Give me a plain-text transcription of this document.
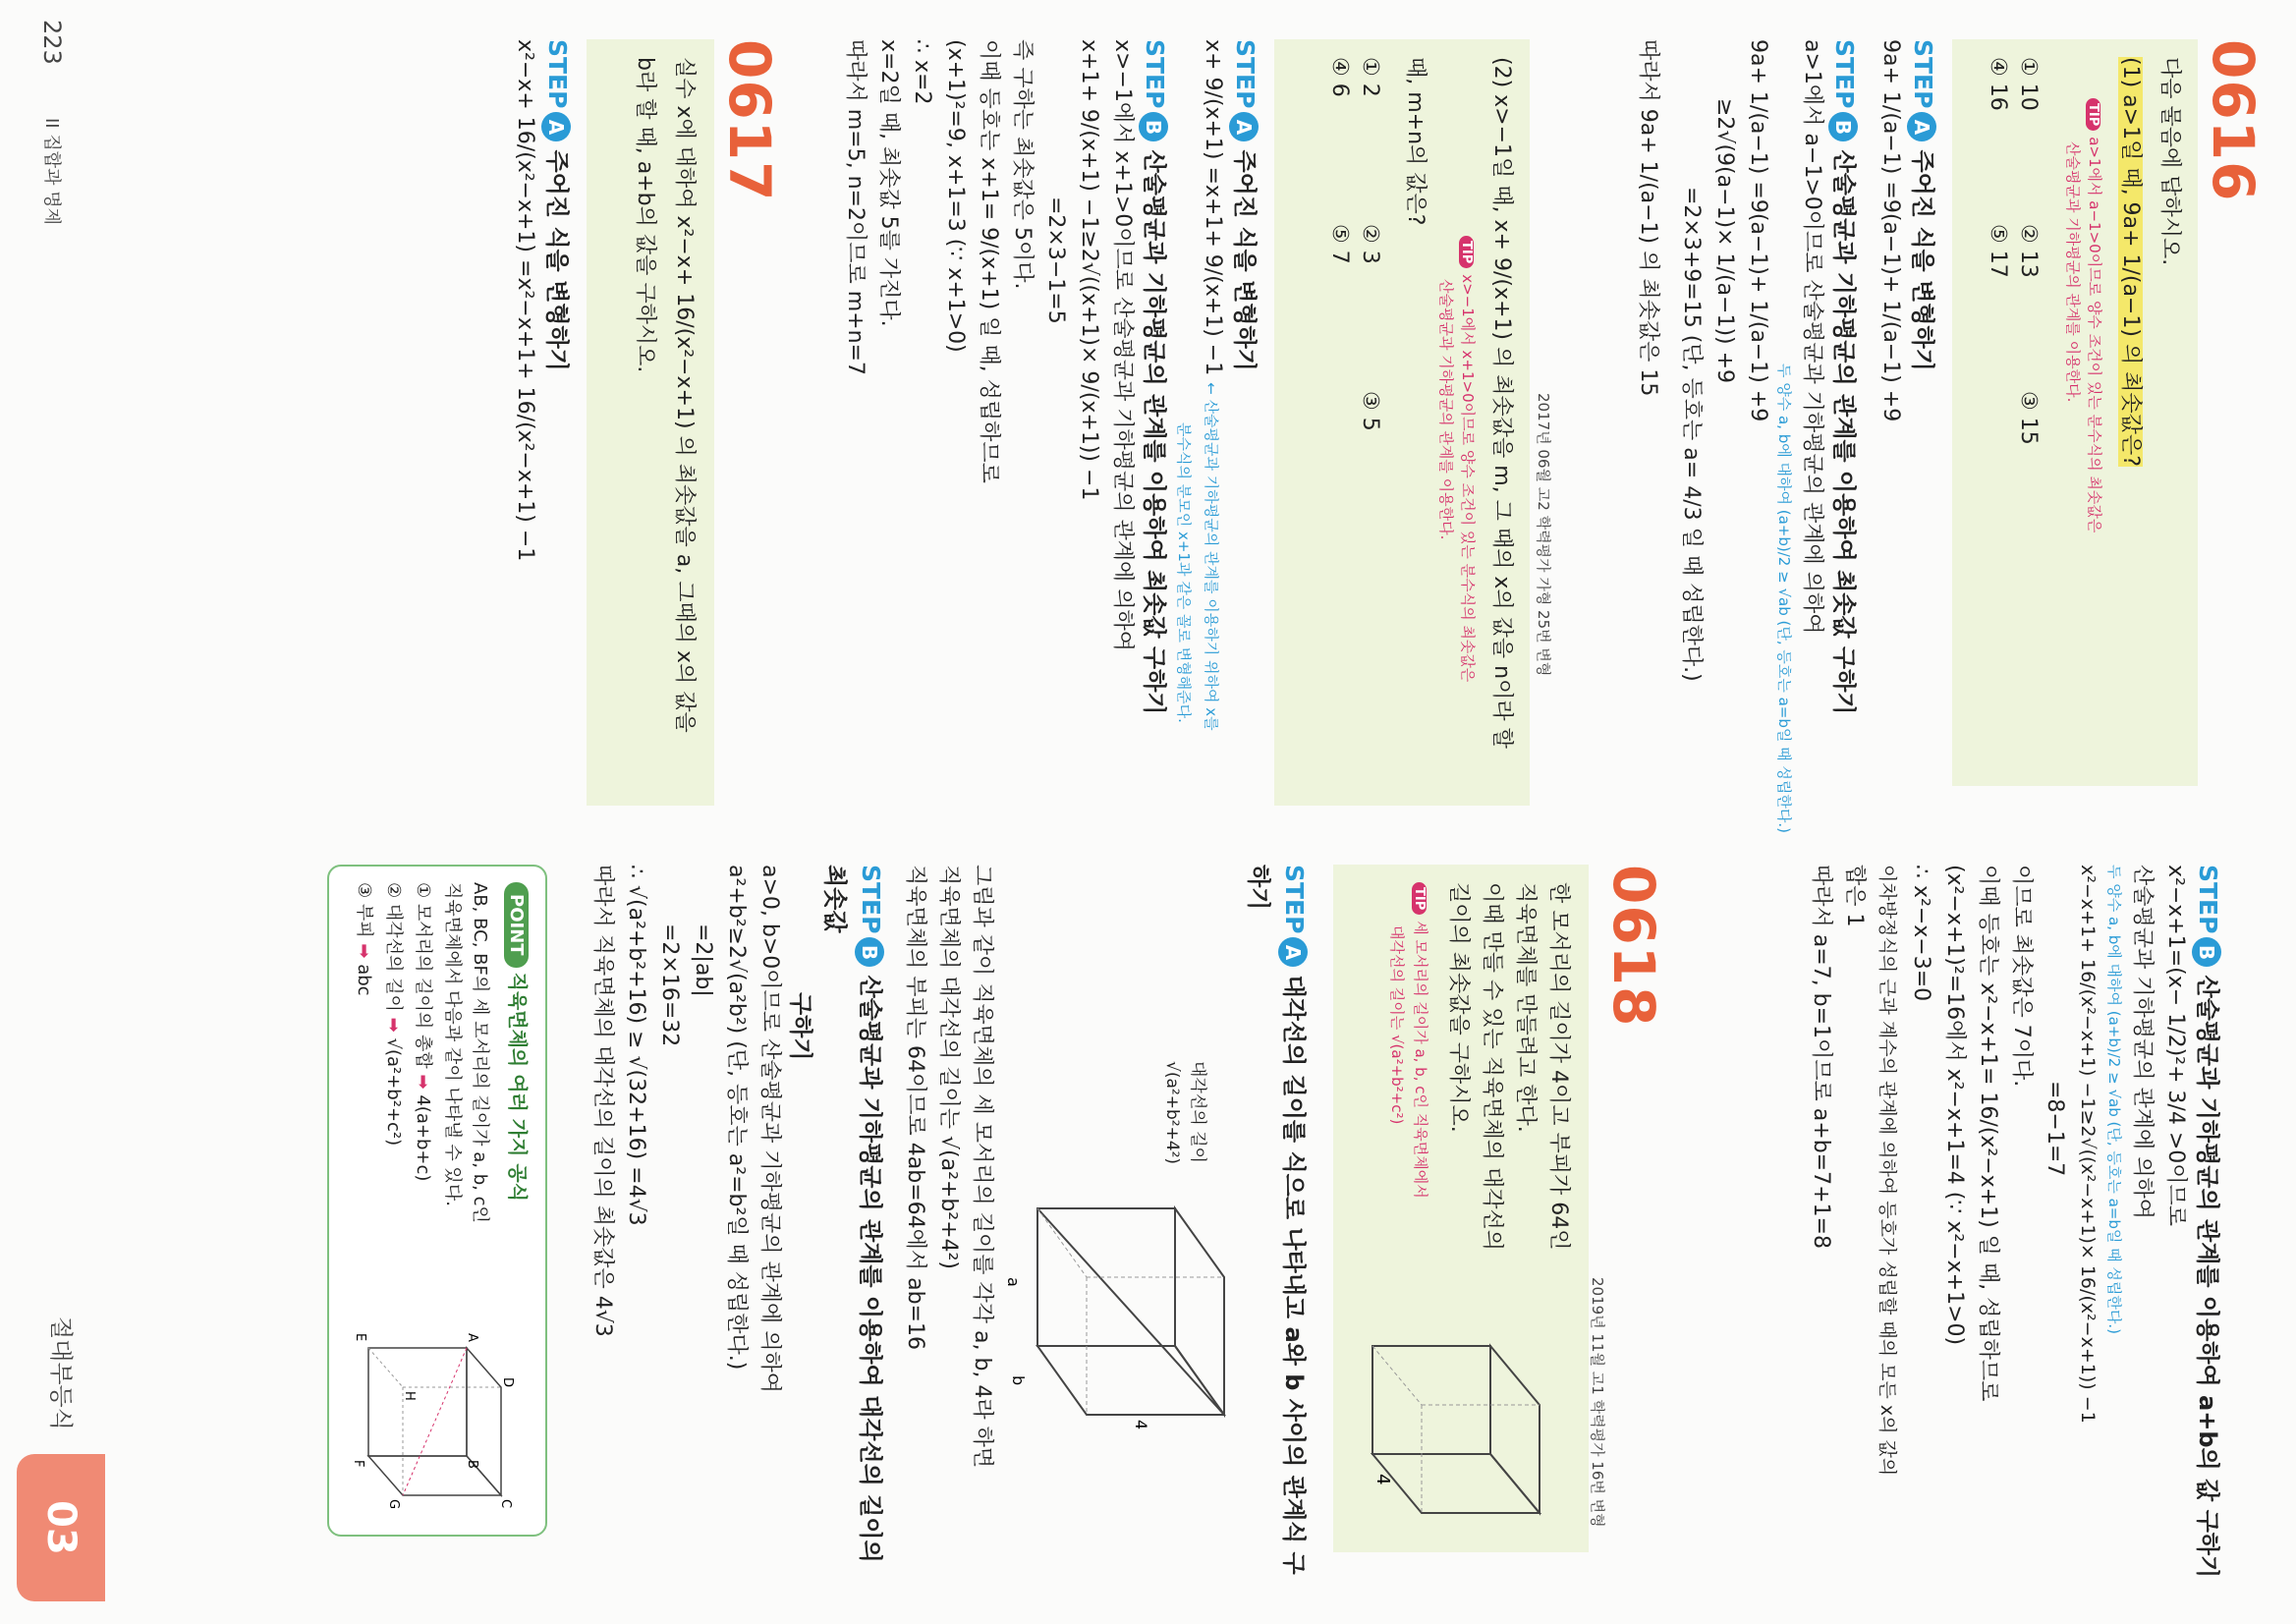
0616
다음 물음에 답하시오.
(1) a>1일 때, 9a+ 1/(a−1) 의 최솟값은?
TIPa>1에서 a−1>0이므로 양수 조건이 있는 분수식의 최솟값은
산술평균과 기하평균의 관계를 이용한다.
① 10② 13③ 15
④ 16⑤ 17
STEPA주어진 식을 변형하기
9a+ 1/(a−1) =9(a−1)+ 1/(a−1) +9
STEPB산술평균과 기하평균의 관계를 이용하여 최솟값 구하기
a>1에서 a−1>0이므로 산술평균과 기하평균의 관계에 의하여
두 양수 a, b에 대하여 (a+b)/2 ≥ √ab (단, 등호는 a=b일 때 성립한다.)
9a+ 1/(a−1) =9(a−1)+ 1/(a−1) +9
≥2√(9(a−1)× 1/(a−1)) +9
=2×3+9=15 (단, 등호는 a= 4/3 일 때 성립한다.)
따라서 9a+ 1/(a−1) 의 최솟값은 15
2017년 06월 고2 학력평가 가형 25번 변형
(2) x>−1일 때, x+ 9/(x+1) 의 최솟값을 m, 그 때의 x의 값을 n이라 할
TIPx>−1에서 x+1>0이므로 양수 조건이 있는 분수식의 최솟값은
산술평균과 기하평균의 관계를 이용한다.
때, m+n의 값은?
① 2② 3③ 5
④ 6⑤ 7
STEPA주어진 식을 변형하기
x+ 9/(x+1) =x+1+ 9/(x+1) −1 ← 산술평균과 기하평균의 관계를 이용하기 위하여 x를
분수식의 분모인 x+1과 같은 꼴로 변형해준다.
STEPB산술평균과 기하평균의 관계를 이용하여 최솟값 구하기
x>−1에서 x+1>0이므로 산술평균과 기하평균의 관계에 의하여
x+1+ 9/(x+1) −1≥2√((x+1)× 9/(x+1)) −1
=2×3−1=5
즉 구하는 최솟값은 5이다.
이때 등호는 x+1= 9/(x+1) 일 때, 성립하므로
(x+1)²=9, x+1=3 (∵ x+1>0)
∴ x=2
x=2일 때, 최솟값 5를 가진다.
따라서 m=5, n=2이므로 m+n=7
0617
실수 x에 대하여 x²−x+ 16/(x²−x+1) 의 최솟값을 a, 그때의 x의 값을
b라 할 때, a+b의 값을 구하시오.
STEPA주어진 식을 변형하기
x²−x+ 16/(x²−x+1) =x²−x+1+ 16/(x²−x+1) −1
STEPB산술평균과 기하평균의 관계를 이용하여 a+b의 값 구하기
x²−x+1=(x− 1/2)²+ 3/4 >0이므로
산술평균과 기하평균의 관계에 의하여
두 양수 a, b에 대하여 (a+b)/2 ≥ √ab (단, 등호는 a=b일 때 성립한다.)
x²−x+1+ 16/(x²−x+1) −1≥2√((x²−x+1)× 16/(x²−x+1)) −1
=8−1=7
이므로 최솟값은 7이다.
이때 등호는 x²−x+1= 16/(x²−x+1) 일 때, 성립하므로
(x²−x+1)²=16에서 x²−x+1=4 (∵ x²−x+1>0)
∴ x²−x−3=0
이차방정식의 근과 계수의 관계에 의하여 등호가 성립할 때의 모든 x의 값의
합은 1
따라서 a=7, b=1이므로 a+b=7+1=8
2019년 11월 고1 학력평가 16번 변형
0618
한 모서리의 길이가 4이고 부피가 64인
직육면체를 만들려고 한다.
이때 만들 수 있는 직육면체의 대각선의
길이의 최솟값을 구하시오.
TIP세 모서리의 길이가 a, b, c인 직육면체에서
대각선의 길이는 √(a²+b²+c²)
4
STEPA대각선의 길이를 식으로 나타내고 a와 b 사이의 관계식 구하기
a
b
4
대각선의 길이
√(a²+b²+4²)
그림과 같이 직육면체의 세 모서리의 길이를 각각 a, b, 4라 하면
직육면체의 대각선의 길이는 √(a²+b²+4²)
직육면체의 부피는 64이므로 4ab=64에서 ab=16
STEPB산술평균과 기하평균의 관계를 이용하여 대각선의 길이의 최솟값
구하기
a>0, b>0이므로 산술평균과 기하평균의 관계에 의하여
a²+b²≥2√(a²b²) (단, 등호는 a²=b²일 때 성립한다.)
=2|ab|
=2×16=32
∴ √(a²+b²+16) ≥ √(32+16) =4√3
따라서 직육면체의 대각선의 길이의 최솟값은 4√3
POINT 직육면체의 여러 가지 공식
AB, BC, BF의 세 모서리의 길이가 a, b, c인
직육면체에서 다음과 같이 나타낼 수 있다.
① 모서리의 길이의 총합 ➡ 4(a+b+c)
② 대각선의 길이 ➡ √(a²+b²+c²)
③ 부피 ➡ abc
A
B
C
D
E
F
G
H
03
절대부등식
223
II 집합과 명제
